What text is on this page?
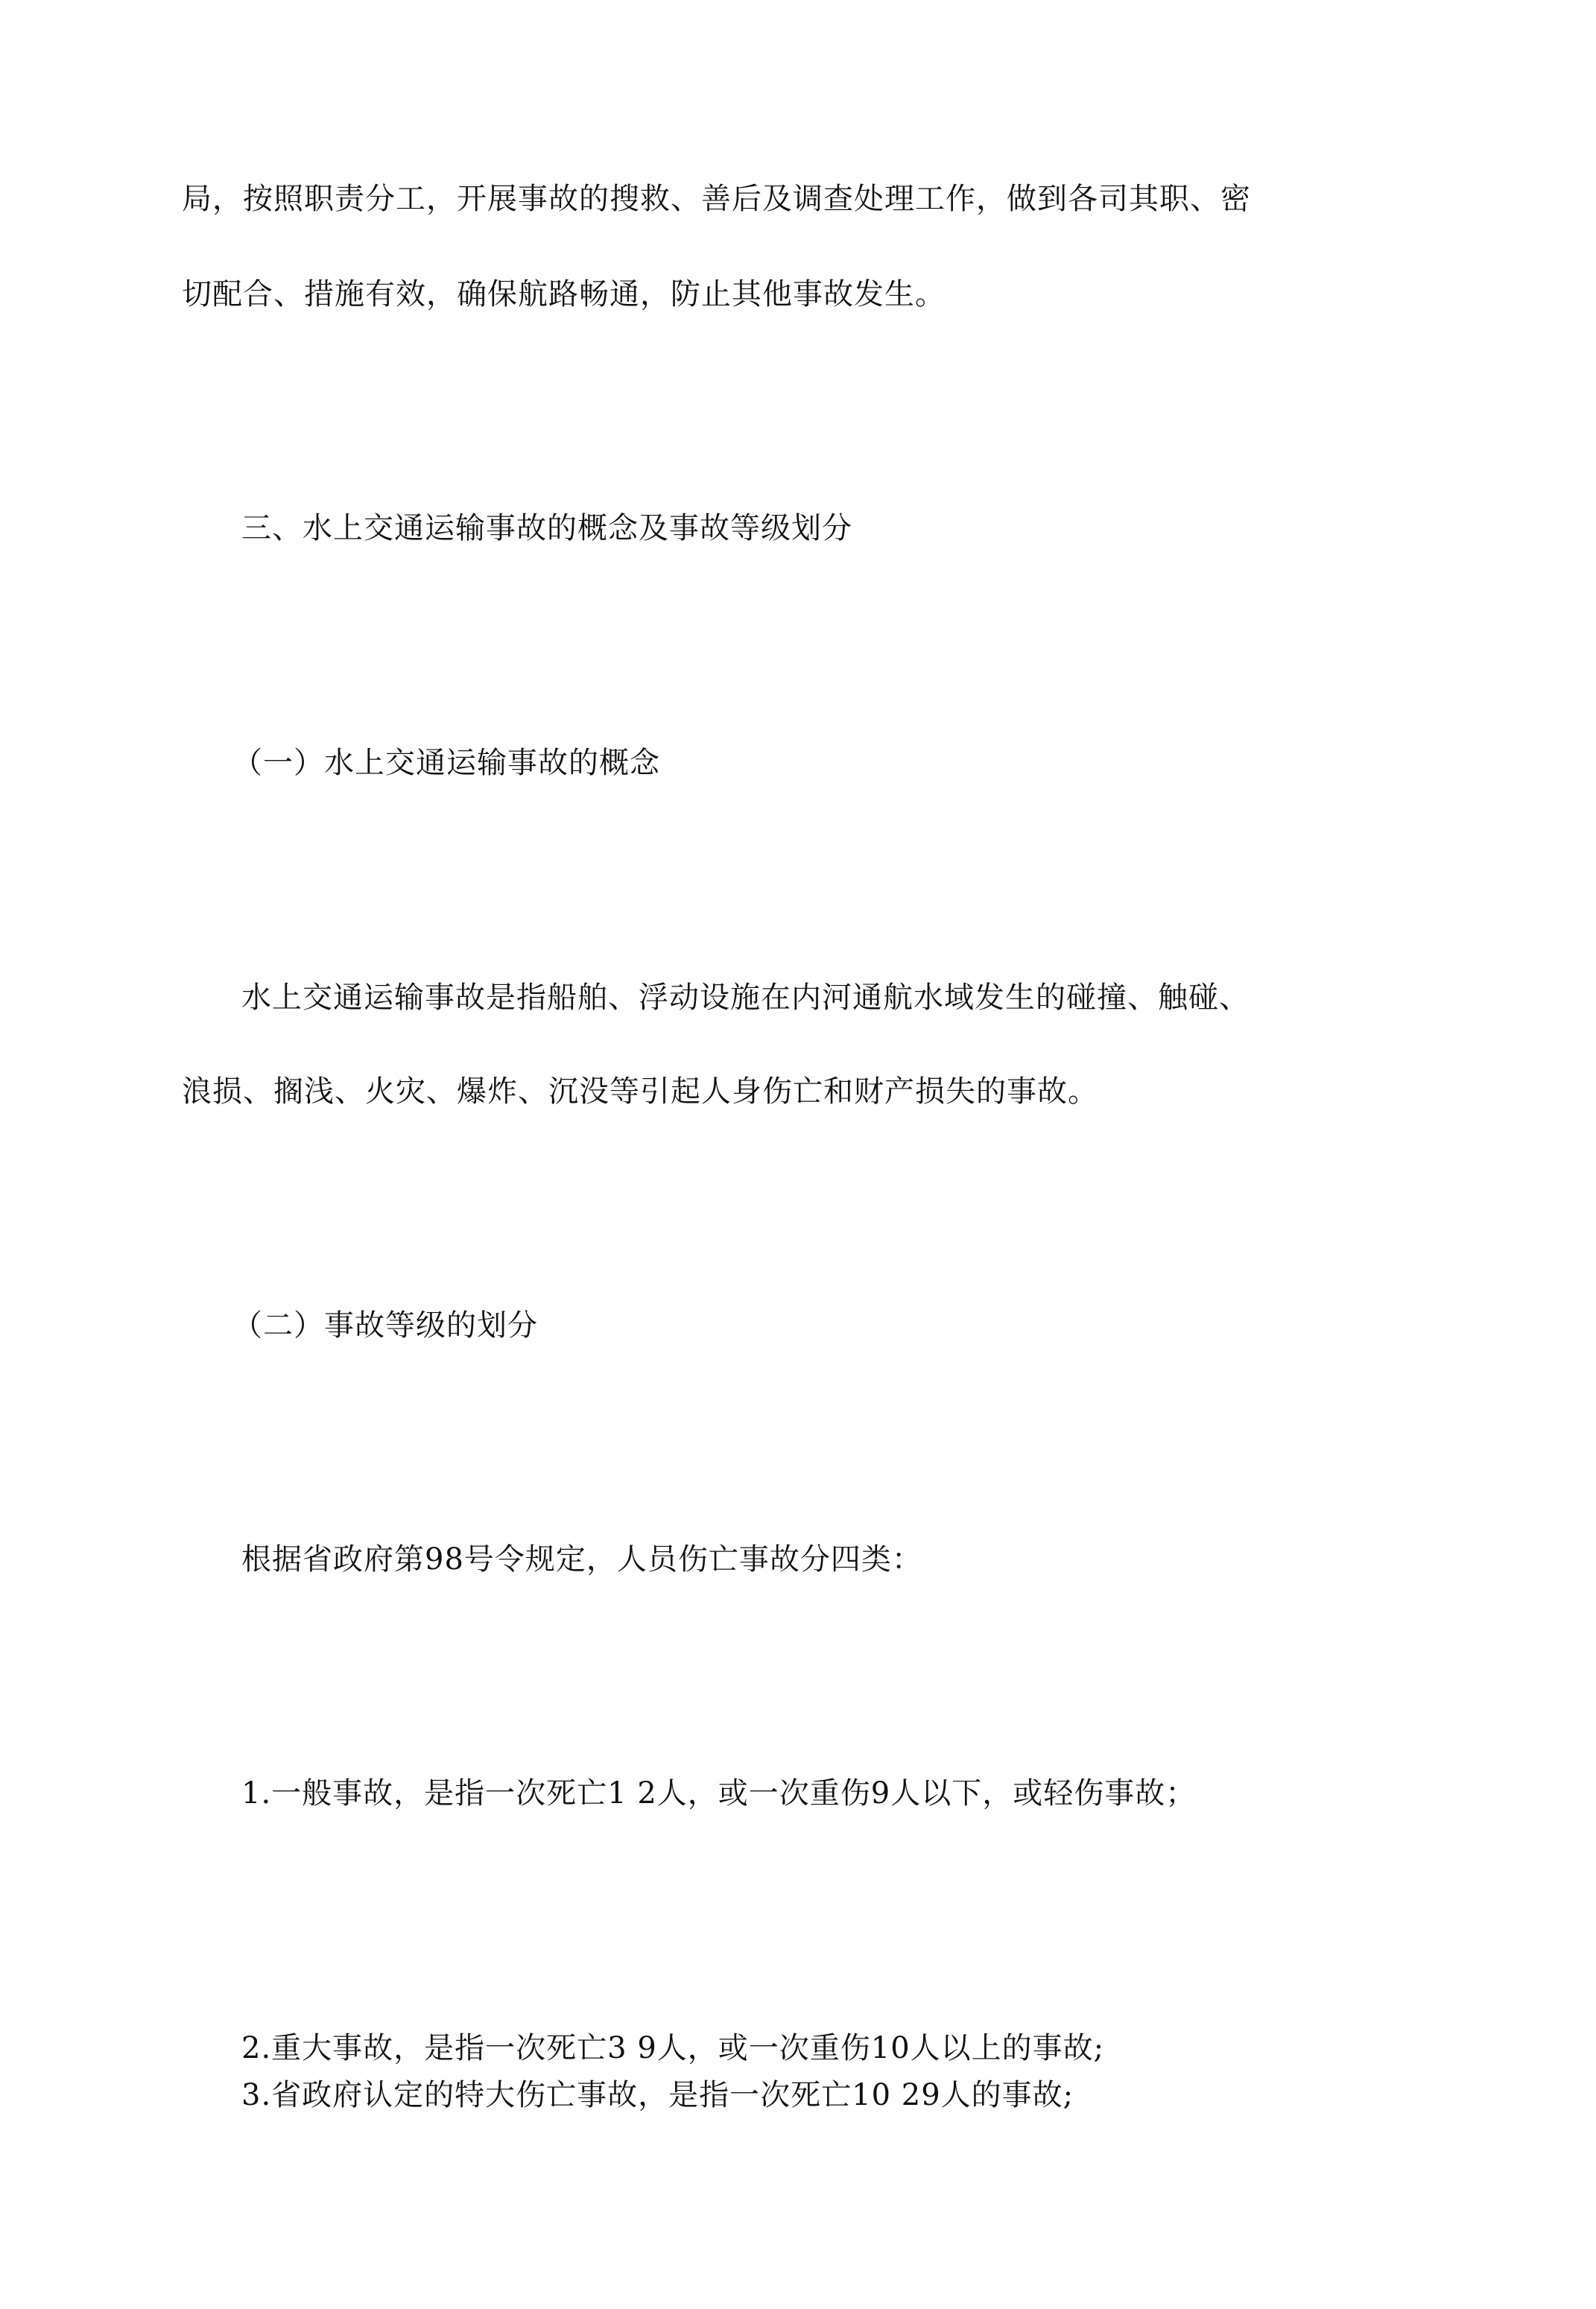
局，按照职责分工，开展事故的搜救、善后及调查处理工作，做到各司其职、密
切配合、措施有效，确保航路畅通，防止其他事故发生。
三、水上交通运输事故的概念及事故等级划分
（一）水上交通运输事故的概念
水上交通运输事故是指船舶、浮动设施在内河通航水域发生的碰撞、触碰、
浪损、搁浅、火灾、爆炸、沉没等引起人身伤亡和财产损失的事故。
（二）事故等级的划分
根据省政府第98号令规定，人员伤亡事故分四类：
1.一般事故，是指一次死亡1 2人，或一次重伤9人以下，或轻伤事故；
2.重大事故，是指一次死亡3 9人，或一次重伤10人以上的事故;
3.省政府认定的特大伤亡事故，是指一次死亡10 29人的事故;
